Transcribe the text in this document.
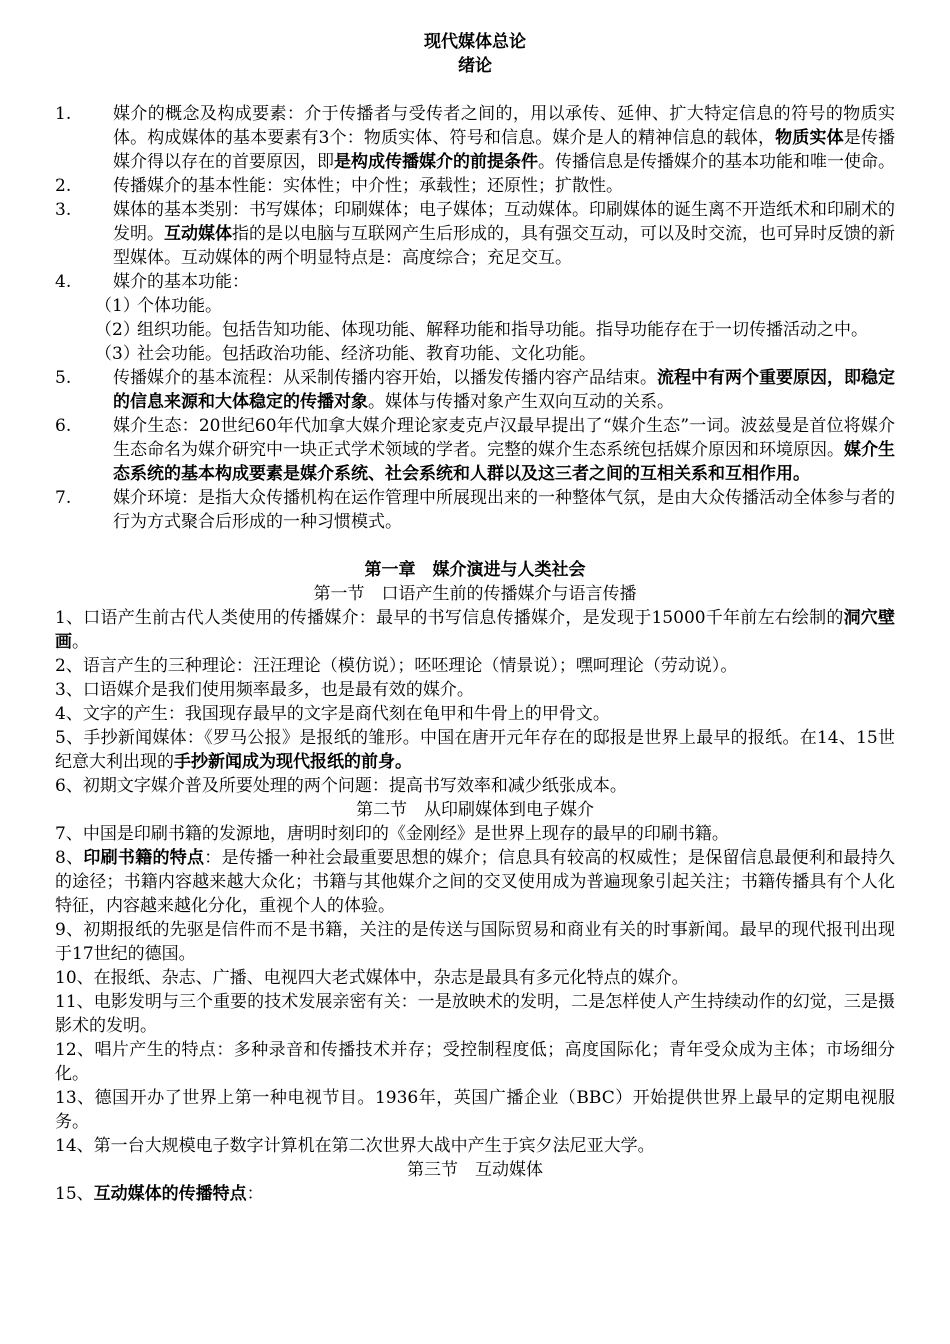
现代媒体总论
绪论
1.	媒介的概念及构成要素：介于传播者与受传者之间的，用以承传、延伸、扩大特定信息的符号的物质实体。构成媒体的基本要素有3个：物质实体、符号和信息。媒介是人的精神信息的载体，物质实体是传播媒介得以存在的首要原因，即是构成传播媒介的前提条件。传播信息是传播媒介的基本功能和唯一使命。
2.	传播媒介的基本性能：实体性；中介性；承载性；还原性；扩散性。
3.	媒体的基本类别：书写媒体；印刷媒体；电子媒体；互动媒体。印刷媒体的诞生离不开造纸术和印刷术的发明。互动媒体指的是以电脑与互联网产生后形成的，具有强交互动，可以及时交流，也可异时反馈的新型媒体。互动媒体的两个明显特点是：高度综合；充足交互。
4.	媒介的基本功能：
（1）
个体功能。
（2）
组织功能。包括告知功能、体现功能、解释功能和指导功能。指导功能存在于一切传播活动之中。
（3）
社会功能。包括政治功能、经济功能、教育功能、文化功能。
5.	传播媒介的基本流程：从采制传播内容开始，以播发传播内容产品结束。流程中有两个重要原因，即稳定的信息来源和大体稳定的传播对象。媒体与传播对象产生双向互动的关系。
6.	媒介生态：20世纪60年代加拿大媒介理论家麦克卢汉最早提出了“媒介生态”一词。波兹曼是首位将媒介生态命名为媒介研究中一块正式学术领域的学者。完整的媒介生态系统包括媒介原因和环境原因。媒介生态系统的基本构成要素是媒介系统、社会系统和人群以及这三者之间的互相关系和互相作用。
7.	媒介环境：是指大众传播机构在运作管理中所展现出来的一种整体气氛，是由大众传播活动全体参与者的行为方式聚合后形成的一种习惯模式。
第一章　媒介演进与人类社会
第一节　口语产生前的传播媒介与语言传播
1、口语产生前古代人类使用的传播媒介：最早的书写信息传播媒介，是发现于15000千年前左右绘制的洞穴壁画。
2、语言产生的三种理论：汪汪理论（模仿说）；呸呸理论（情景说）；嘿呵理论（劳动说）。
3、口语媒介是我们使用频率最多，也是最有效的媒介。
4、文字的产生：我国现存最早的文字是商代刻在龟甲和牛骨上的甲骨文。
5、手抄新闻媒体：《罗马公报》是报纸的雏形。中国在唐开元年存在的邸报是世界上最早的报纸。在14、15世纪意大利出现的手抄新闻成为现代报纸的前身。
6、初期文字媒介普及所要处理的两个问题：提高书写效率和减少纸张成本。
第二节　从印刷媒体到电子媒介
7、中国是印刷书籍的发源地，唐明时刻印的《金刚经》是世界上现存的最早的印刷书籍。
8、印刷书籍的特点：是传播一种社会最重要思想的媒介；信息具有较高的权威性；是保留信息最便利和最持久的途径；书籍内容越来越大众化；书籍与其他媒介之间的交叉使用成为普遍现象引起关注；书籍传播具有个人化特征，内容越来越化分化，重视个人的体验。
9、初期报纸的先驱是信件而不是书籍，关注的是传送与国际贸易和商业有关的时事新闻。最早的现代报刊出现于17世纪的德国。
10、在报纸、杂志、广播、电视四大老式媒体中，杂志是最具有多元化特点的媒介。
11、电影发明与三个重要的技术发展亲密有关：一是放映术的发明，二是怎样使人产生持续动作的幻觉，三是摄影术的发明。
12、唱片产生的特点：多种录音和传播技术并存；受控制程度低；高度国际化；青年受众成为主体；市场细分化。
13、德国开办了世界上第一种电视节目。1936年，英国广播企业（BBC）开始提供世界上最早的定期电视服务。
14、第一台大规模电子数字计算机在第二次世界大战中产生于宾夕法尼亚大学。
第三节　互动媒体
15、互动媒体的传播特点：
